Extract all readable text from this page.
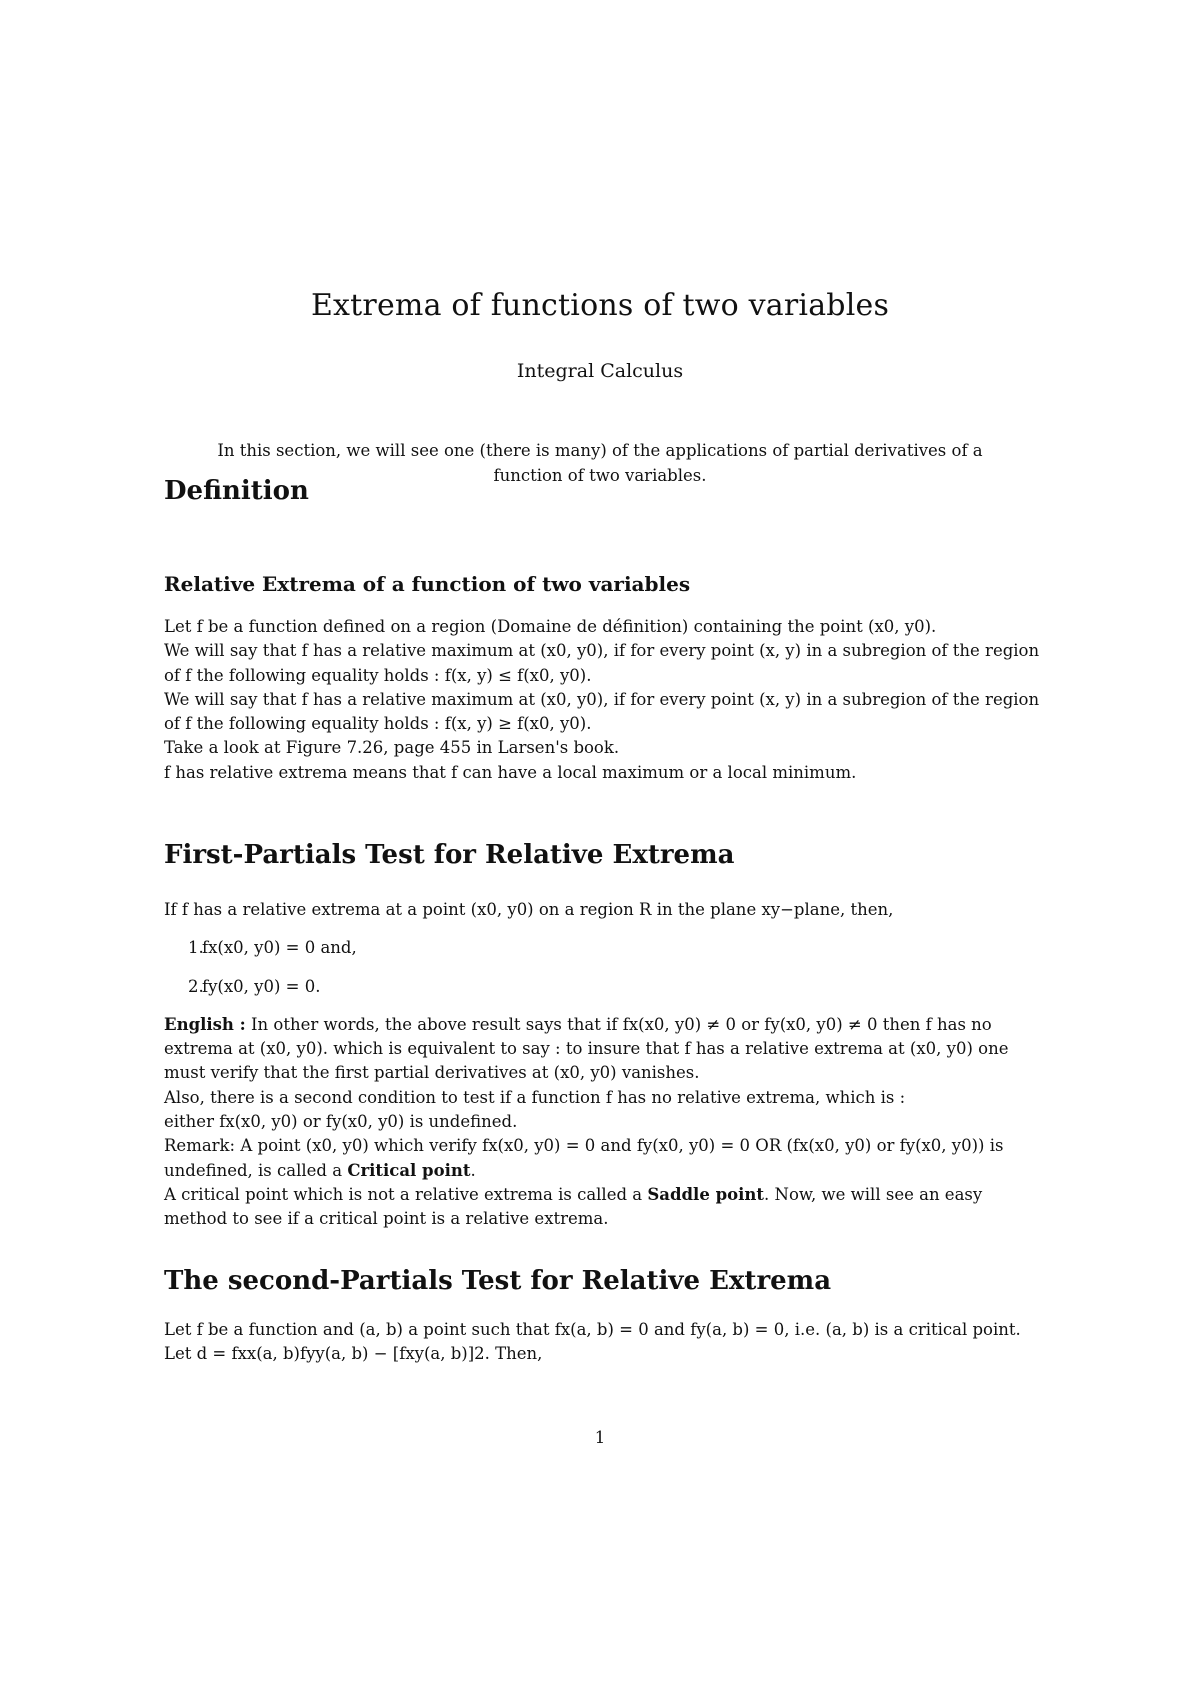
Extrema of functions of two variables
Integral Calculus

In this section, we will see one (there is many) of the applications of partial derivatives of a function of two variables.

Definition
Relative Extrema of a function of two variables

Let f be a function defined on a region (Domaine de définition) containing the point (x0, y0).

We will say that f has a relative maximum at (x0, y0), if for every point (x, y) in a subregion of the region of f the following equality holds : f(x, y) ≤ f(x0, y0).

We will say that f has a relative maximum at (x0, y0), if for every point (x, y) in a subregion of the region of f the following equality holds : f(x, y) ≥ f(x0, y0).

Take a look at Figure 7.26, page 455 in Larsen's book.

f has relative extrema means that f can have a local maximum or a local minimum.

First-Partials Test for Relative Extrema

If f has a relative extrema at a point (x0, y0) on a region R in the plane xy−plane, then,

1.
fx(x0, y0) = 0 and,
2.
fy(x0, y0) = 0.

English : In other words, the above result says that if fx(x0, y0) ≠ 0 or fy(x0, y0) ≠ 0 then f has no extrema at (x0, y0). which is equivalent to say : to insure that f has a relative extrema at (x0, y0) one must verify that the first partial derivatives at (x0, y0) vanishes.

Also, there is a second condition to test if a function f has no relative extrema, which is :

either fx(x0, y0) or fy(x0, y0) is undefined.

Remark: A point (x0, y0) which verify fx(x0, y0) = 0 and fy(x0, y0) = 0 OR (fx(x0, y0) or fy(x0, y0)) is undefined, is called a Critical point.

A critical point which is not a relative extrema is called a Saddle point. Now, we will see an easy method to see if a critical point is a relative extrema.

The second-Partials Test for Relative Extrema

Let f be a function and (a, b) a point such that fx(a, b) = 0 and fy(a, b) = 0, i.e. (a, b) is a critical point.

Let d = fxx(a, b)fyy(a, b) − [fxy(a, b)]2. Then,

1
